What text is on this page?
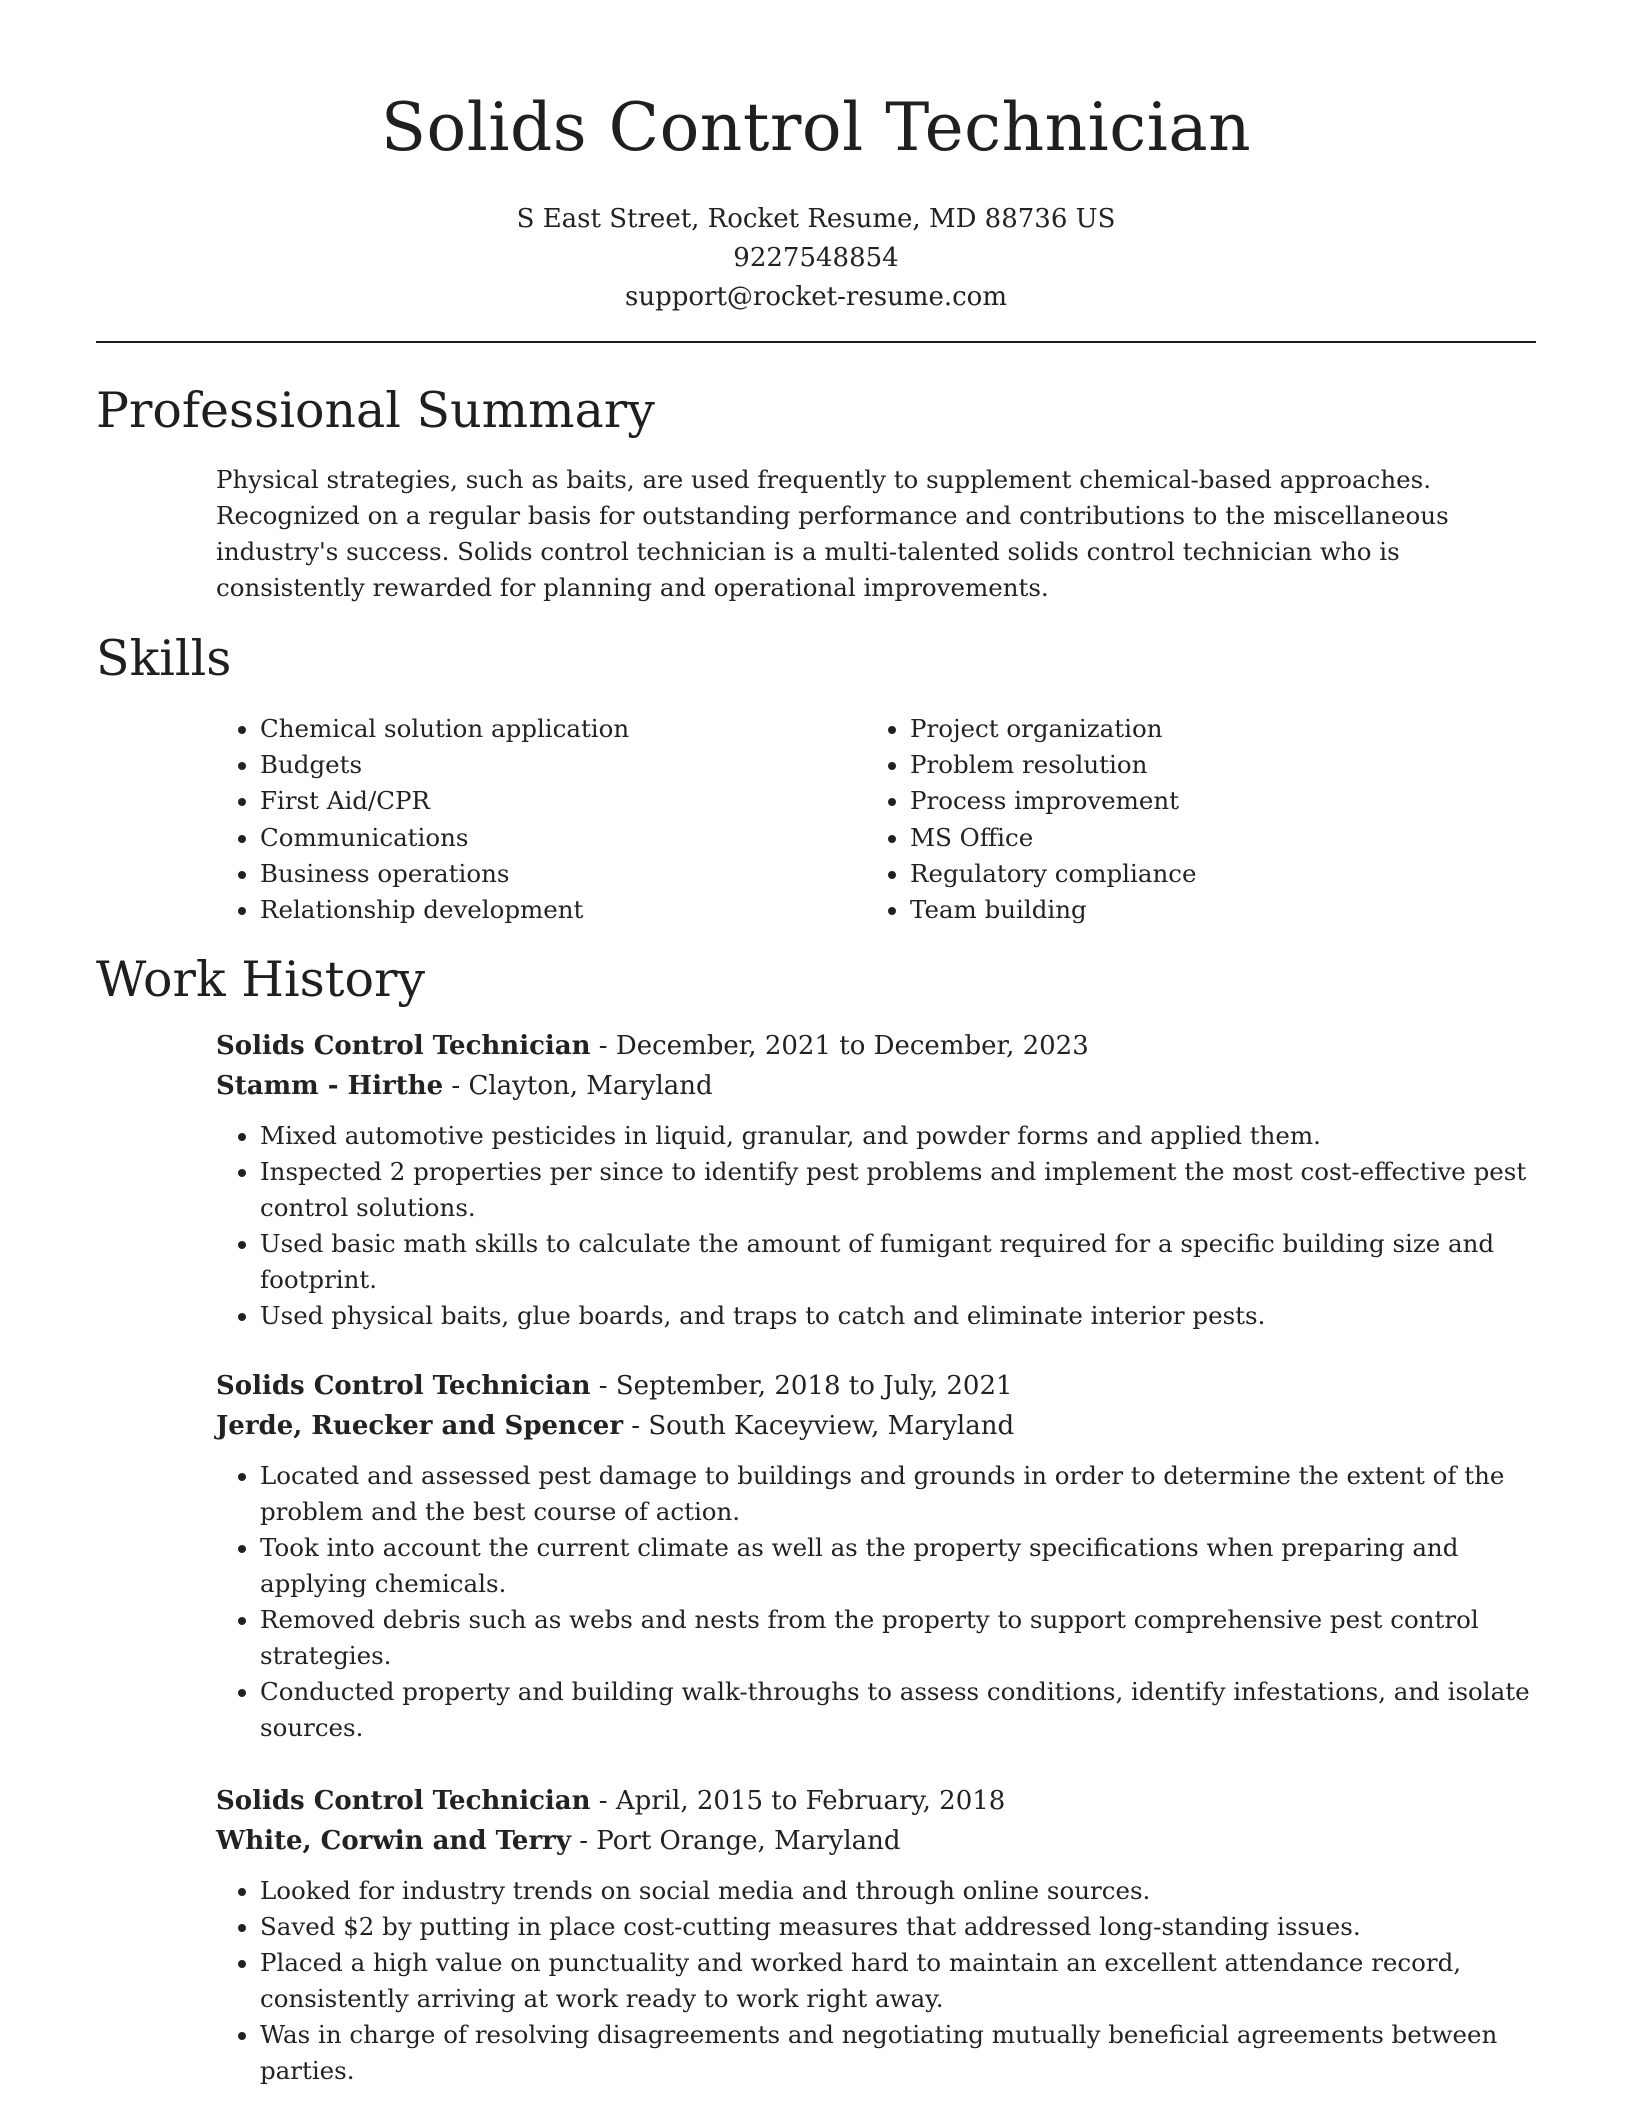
Solids Control Technician
S East Street, Rocket Resume, MD 88736 US
9227548854
support@rocket-resume.com
Professional Summary

Physical strategies, such as baits, are used frequently to supplement chemical-based approaches. Recognized on a regular basis for outstanding performance and contributions to the miscellaneous industry's success. Solids control technician is a multi-talented solids control technician who is consistently rewarded for planning and operational improvements.

Skills
• Chemical solution application
• Budgets
• First Aid/CPR
• Communications
• Business operations
• Relationship development
• Project organization
• Problem resolution
• Process improvement
• MS Office
• Regulatory compliance
• Team building
Work History
Solids Control Technician - December, 2021 to December, 2023
Stamm - Hirthe - Clayton, Maryland
• Mixed automotive pesticides in liquid, granular, and powder forms and applied them.
• Inspected 2 properties per since to identify pest problems and implement the most cost-effective pest control solutions.
• Used basic math skills to calculate the amount of fumigant required for a specific building size and footprint.
• Used physical baits, glue boards, and traps to catch and eliminate interior pests.
Solids Control Technician - September, 2018 to July, 2021
Jerde, Ruecker and Spencer - South Kaceyview, Maryland
• Located and assessed pest damage to buildings and grounds in order to determine the extent of the problem and the best course of action.
• Took into account the current climate as well as the property specifications when preparing and applying chemicals.
• Removed debris such as webs and nests from the property to support comprehensive pest control strategies.
• Conducted property and building walk-throughs to assess conditions, identify infestations, and isolate sources.
Solids Control Technician - April, 2015 to February, 2018
White, Corwin and Terry - Port Orange, Maryland
• Looked for industry trends on social media and through online sources.
• Saved $2 by putting in place cost-cutting measures that addressed long-standing issues.
• Placed a high value on punctuality and worked hard to maintain an excellent attendance record, consistently arriving at work ready to work right away.
• Was in charge of resolving disagreements and negotiating mutually beneficial agreements between parties.
